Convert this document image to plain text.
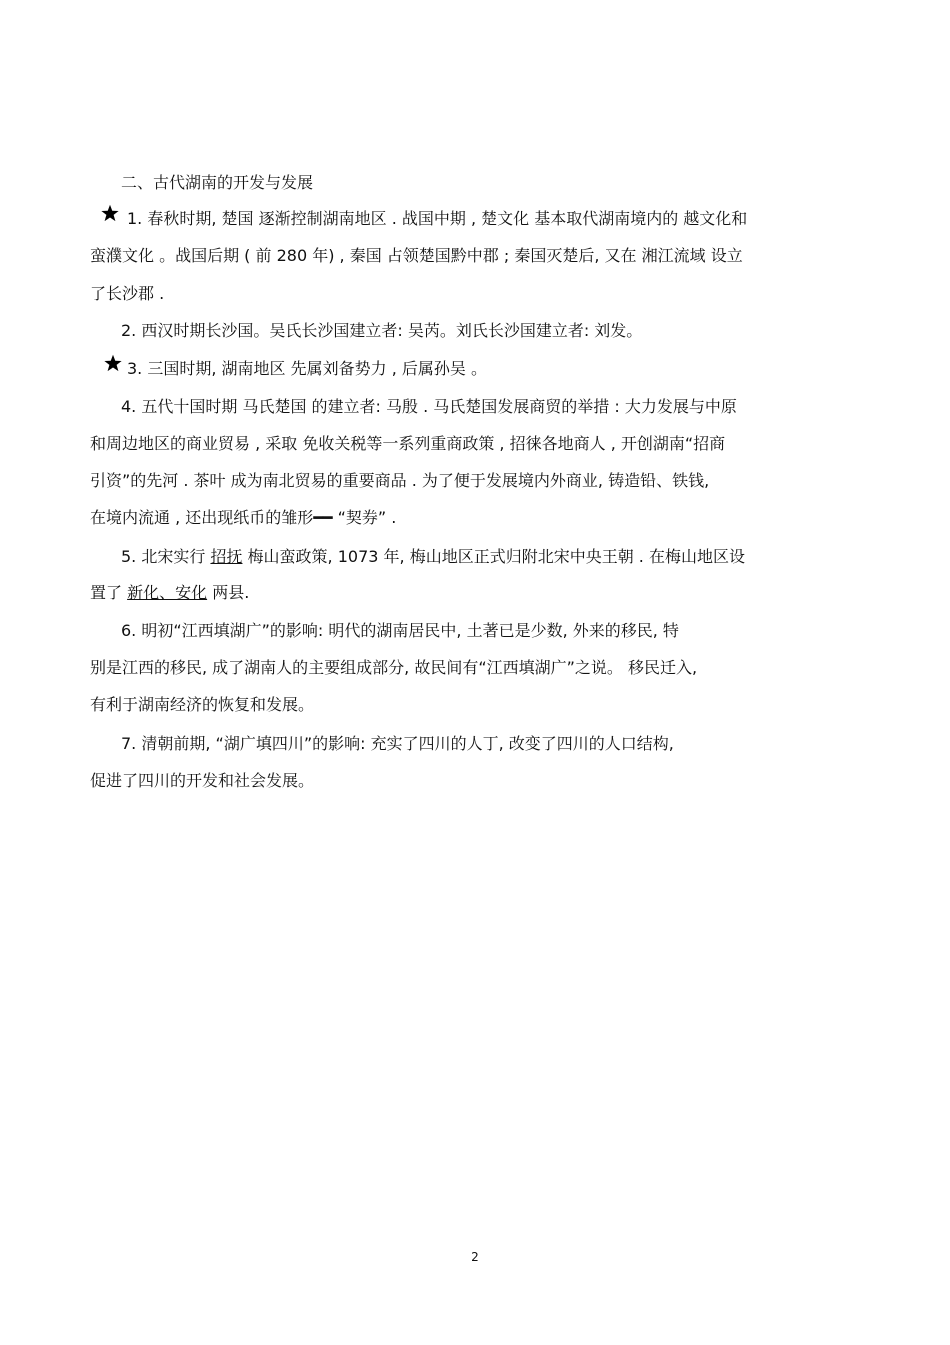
二、古代湖南的开发与发展
1. 春秋时期, 楚国 逐渐控制湖南地区 . 战国中期 , 楚文化 基本取代湖南境内的 越文化和
蛮濮文化 。战国后期 ( 前 280 年) , 秦国 占领楚国黔中郡 ; 秦国灭楚后, 又在 湘江流域 设立
了长沙郡 .
2. 西汉时期长沙国。吴氏长沙国建立者: 吴芮。刘氏长沙国建立者: 刘发。
3. 三国时期, 湖南地区 先属刘备势力 , 后属孙吴 。
4. 五代十国时期 马氏楚国 的建立者: 马殷 . 马氏楚国发展商贸的举措 : 大力发展与中原
和周边地区的商业贸易 , 采取 免收关税等一系列重商政策 , 招徕各地商人 , 开创湖南“招商
引资”的先河 . 茶叶 成为南北贸易的重要商品 . 为了便于发展境内外商业, 铸造铅、铁钱,
在境内流通 , 还出现纸币的雏形━━ “契券” .
5. 北宋实行 招抚 梅山蛮政策, 1073 年, 梅山地区正式归附北宋中央王朝 . 在梅山地区设
置了 新化、安化 两县.
6. 明初“江西填湖广”的影响: 明代的湖南居民中, 土著已是少数, 外来的移民, 特
别是江西的移民, 成了湖南人的主要组成部分, 故民间有“江西填湖广”之说。 移民迁入,
有利于湖南经济的恢复和发展。
7. 清朝前期, “湖广填四川”的影响: 充实了四川的人丁, 改变了四川的人口结构,
促进了四川的开发和社会发展。
2
